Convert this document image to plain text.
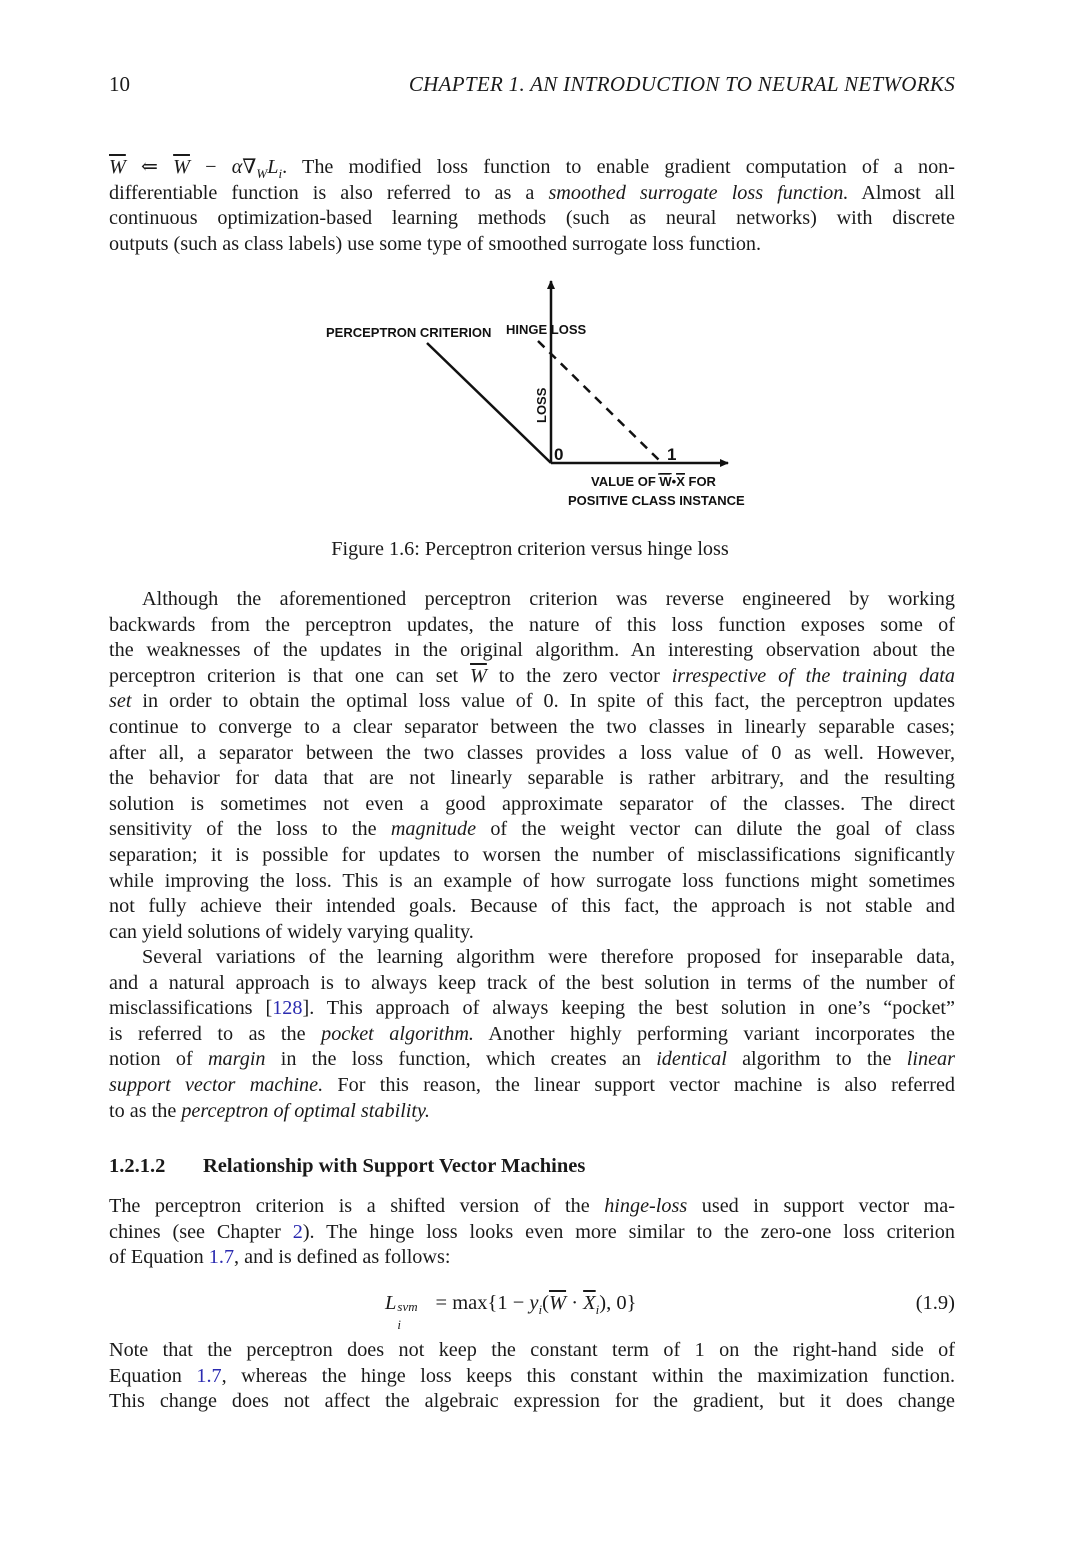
10	CHAPTER 1. AN INTRODUCTION TO NEURAL NETWORKS
$\overline{W}$ ⇐ $\overline{W} - \alpha\nabla_WL_i$. The modified loss function to enable gradient computation of a non-
differentiable function is also referred to as a smoothed surrogate loss function. Almost all
continuous optimization-based learning methods (such as neural networks) with discrete
outputs (such as class labels) use some type of smoothed surrogate loss function.
PERCEPTRON CRITERION HINGE LOSS
LOSS
0	1
VALUE OF W•X FOR
POSITIVE CLASS INSTANCE
Figure 1.6: Perceptron criterion versus hinge loss
Although the aforementioned perceptron criterion was reverse engineered by working
backwards from the perceptron updates, the nature of this loss function exposes some of
the weaknesses of the updates in the original algorithm. An interesting observation about the
perceptron criterion is that one can set $\overline{W}$ to the zero vector irrespective of the training data
set in order to obtain the optimal loss value of 0. In spite of this fact, the perceptron updates
continue to converge to a clear separator between the two classes in linearly separable cases;
after all, a separator between the two classes provides a loss value of 0 as well. However,
the behavior for data that are not linearly separable is rather arbitrary, and the resulting
solution is sometimes not even a good approximate separator of the classes. The direct
sensitivity of the loss to the magnitude of the weight vector can dilute the goal of class
separation; it is possible for updates to worsen the number of misclassifications significantly
while improving the loss. This is an example of how surrogate loss functions might sometimes
not fully achieve their intended goals. Because of this fact, the approach is not stable and
can yield solutions of widely varying quality.
Several variations of the learning algorithm were therefore proposed for inseparable data,
and a natural approach is to always keep track of the best solution in terms of the number of
misclassifications [128]. This approach of always keeping the best solution in one’s “pocket”
is referred to as the pocket algorithm. Another highly performing variant incorporates the
notion of margin in the loss function, which creates an identical algorithm to the linear
support vector machine. For this reason, the linear support vector machine is also referred
to as the perceptron of optimal stability.
1.2.1.2 Relationship with Support Vector Machines
The perceptron criterion is a shifted version of the hinge-loss used in support vector ma-
chines (see Chapter 2). The hinge loss looks even more similar to the zero-one loss criterion
of Equation 1.7, and is defined as follows:
L svm
i
= $\max\{1 - y_i(\overline{W} \cdot \overline{X}_i)$, 0}	(1.9)
Note that the perceptron does not keep the constant term of 1 on the right-hand side of
Equation 1.7, whereas the hinge loss keeps this constant within the maximization function.
This change does not affect the algebraic expression for the gradient, but it does change
